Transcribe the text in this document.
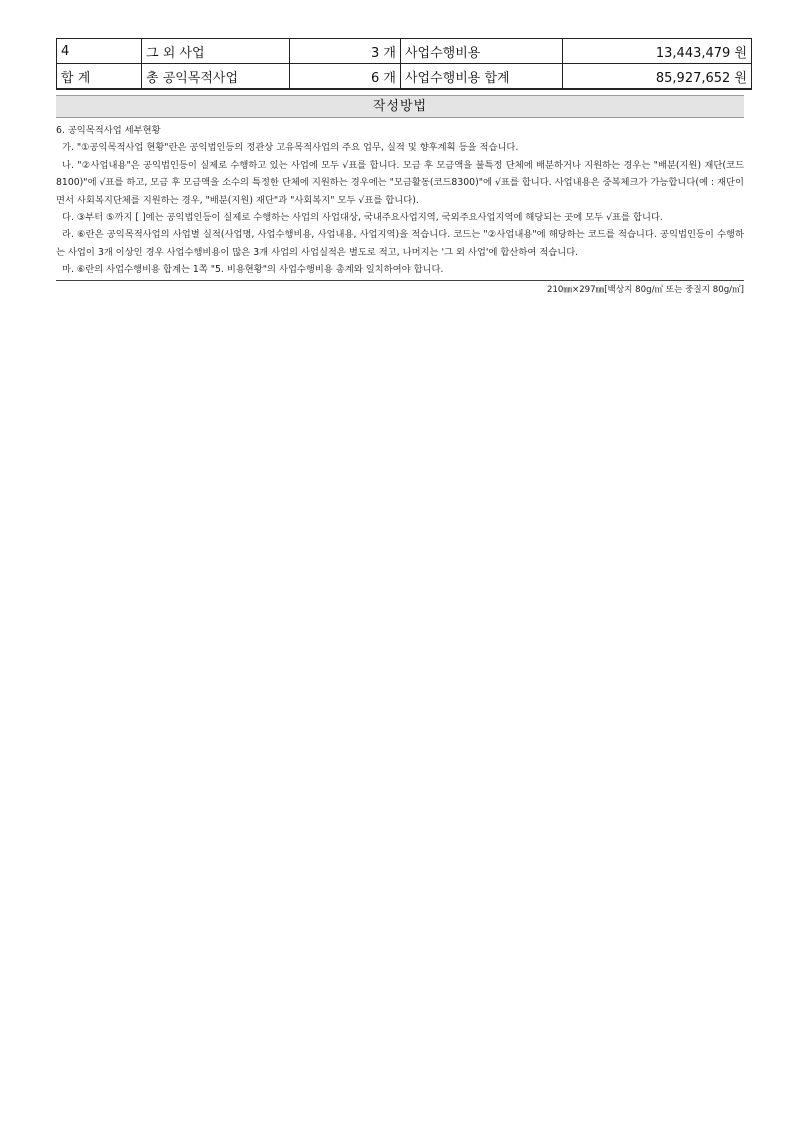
4	그 외 사업	3 개	사업수행비용	13,443,479 원
합 계	총 공익목적사업	6 개	사업수행비용 합계	85,927,652 원
작성방법

6. 공익목적사업 세부현황

가. "①공익목적사업 현황"란은 공익법인등의 정관상 고유목적사업의 주요 업무, 실적 및 향후계획 등을 적습니다.

나. "②사업내용"은 공익법인등이 실제로 수행하고 있는 사업에 모두 √표를 합니다. 모금 후 모금액을 불특정 단체에 배분하거나 지원하는 경우는 "배분(지원) 재단(코드8100)"에 √표를 하고, 모금 후 모금액을 소수의 특정한 단체에 지원하는 경우에는 "모금활동(코드8300)"에 √표를 합니다. 사업내용은 중복체크가 가능합니다(예 : 재단이면서 사회복지단체를 지원하는 경우, "배분(지원) 재단"과 "사회복지" 모두 √표를 합니다).

다. ③부터 ⑤까지 [ ]에는 공익법인등이 실제로 수행하는 사업의 사업대상, 국내주요사업지역, 국외주요사업지역에 해당되는 곳에 모두 √표를 합니다.

라. ⑥란은 공익목적사업의 사업별 실적(사업명, 사업수행비용, 사업내용, 사업지역)을 적습니다. 코드는 "②사업내용"에 해당하는 코드를 적습니다. 공익법인등이 수행하는 사업이 3개 이상인 경우 사업수행비용이 많은 3개 사업의 사업실적은 별도로 적고, 나머지는 '그 외 사업'에 합산하여 적습니다.

마. ⑥란의 사업수행비용 합계는 1쪽 "5. 비용현황"의 사업수행비용 총계와 일치하여야 합니다.

210㎜×297㎜[백상지 80g/㎡ 또는 중질지 80g/㎡]
